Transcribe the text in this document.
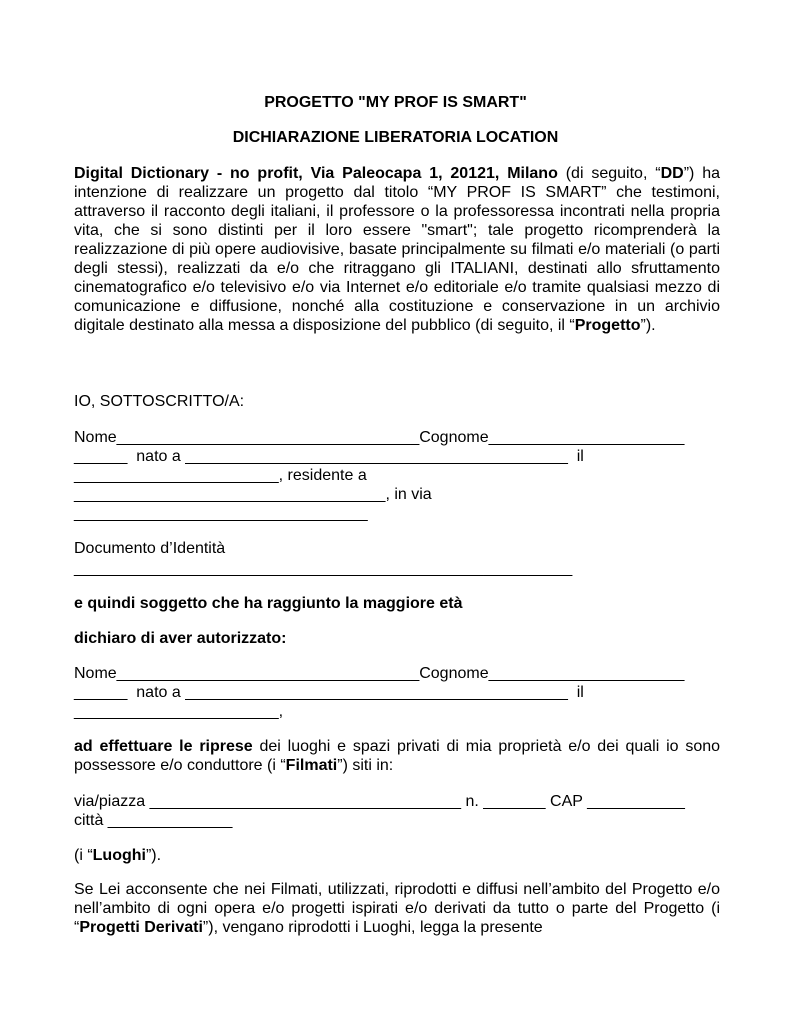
PROGETTO "MY PROF IS SMART"
DICHIARAZIONE LIBERATORIA LOCATION
Digital Dictionary - no profit, Via Paleocapa 1, 20121, Milano (di seguito, “DD”) ha intenzione di realizzare un progetto dal titolo “MY PROF IS SMART” che testimoni, attraverso il racconto degli italiani, il professore o la professoressa incontrati nella propria vita, che si sono distinti per il loro essere "smart"; tale progetto ricomprenderà la realizzazione di più opere audiovisive, basate principalmente su filmati e/o materiali (o parti degli stessi), realizzati da e/o che ritraggano gli ITALIANI, destinati allo sfruttamento cinematografico e/o televisivo e/o via Internet e/o editoriale e/o tramite qualsiasi mezzo di comunicazione e diffusione, nonché alla costituzione e conservazione in un archivio digitale destinato alla messa a disposizione del pubblico (di seguito, il “Progetto”).
IO, SOTTOSCRITTO/A:
Nome__________________________________Cognome______________________
______  nato a ___________________________________________  il
_______________________, residente a
___________________________________, in via
_________________________________
Documento d’Identità
________________________________________________________
e quindi soggetto che ha raggiunto la maggiore età
dichiaro di aver autorizzato:
Nome__________________________________Cognome______________________
______  nato a ___________________________________________  il
_______________________,
ad effettuare le riprese dei luoghi e spazi privati di mia proprietà e/o dei quali io sono possessore e/o conduttore (i “Filmati”) siti in:
via/piazza ___________________________________ n. _______ CAP ___________
città ______________
(i “Luoghi”).
Se Lei acconsente che nei Filmati, utilizzati, riprodotti e diffusi nell’ambito del Progetto e/o nell’ambito di ogni opera e/o progetti ispirati e/o derivati da tutto o parte del Progetto (i “Progetti Derivati”), vengano riprodotti i Luoghi, legga la presente
